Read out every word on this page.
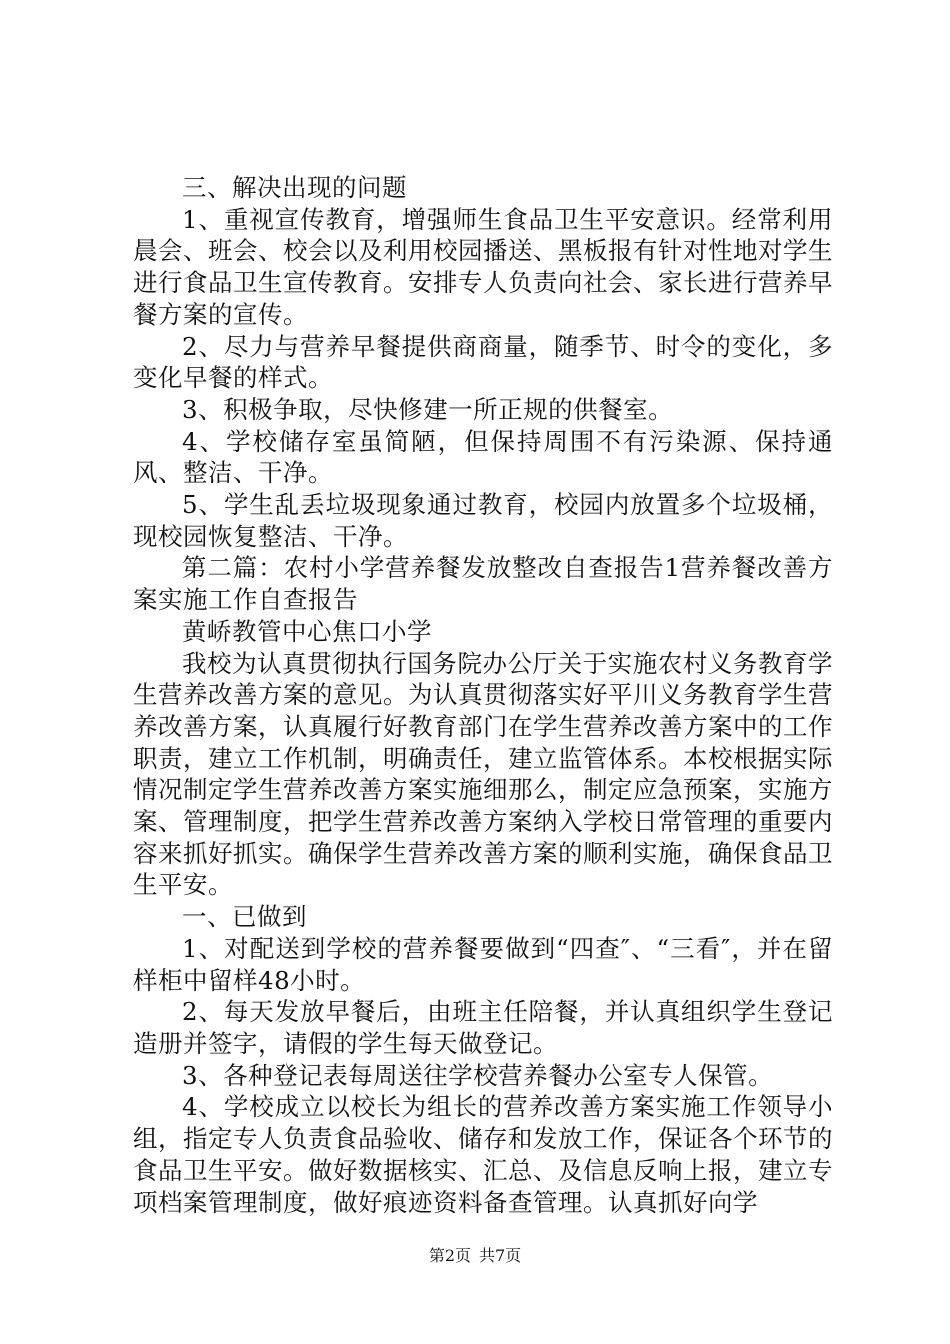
三、解决出现的问题

1、重视宣传教育，增强师生食品卫生平安意识。经常利用晨会、班会、校会以及利用校园播送、黑板报有针对性地对学生进行食品卫生宣传教育。安排专人负责向社会、家长进行营养早餐方案的宣传。

2、尽力与营养早餐提供商商量，随季节、时令的变化，多变化早餐的样式。

3、积极争取，尽快修建一所正规的供餐室。

4、学校储存室虽简陋，但保持周围不有污染源、保持通风、整洁、干净。

5、学生乱丢垃圾现象通过教育，校园内放置多个垃圾桶，现校园恢复整洁、干净。

第二篇：农村小学营养餐发放整改自查报告1营养餐改善方案实施工作自查报告

黄峤教管中心焦口小学

我校为认真贯彻执行国务院办公厅关于实施农村义务教育学生营养改善方案的意见。为认真贯彻落实好平川义务教育学生营养改善方案，认真履行好教育部门在学生营养改善方案中的工作职责，建立工作机制，明确责任，建立监管体系。本校根据实际情况制定学生营养改善方案实施细那么，制定应急预案，实施方案、管理制度，把学生营养改善方案纳入学校日常管理的重要内容来抓好抓实。确保学生营养改善方案的顺利实施，确保食品卫生平安。

一、已做到

1、对配送到学校的营养餐要做到“四查″、“三看″，并在留样柜中留样48小时。

2、每天发放早餐后，由班主任陪餐，并认真组织学生登记造册并签字，请假的学生每天做登记。

3、各种登记表每周送往学校营养餐办公室专人保管。

4、学校成立以校长为组长的营养改善方案实施工作领导小组，指定专人负责食品验收、储存和发放工作，保证各个环节的食品卫生平安。做好数据核实、汇总、及信息反响上报，建立专项档案管理制度，做好痕迹资料备查管理。认真抓好向学

第2页 共7页
